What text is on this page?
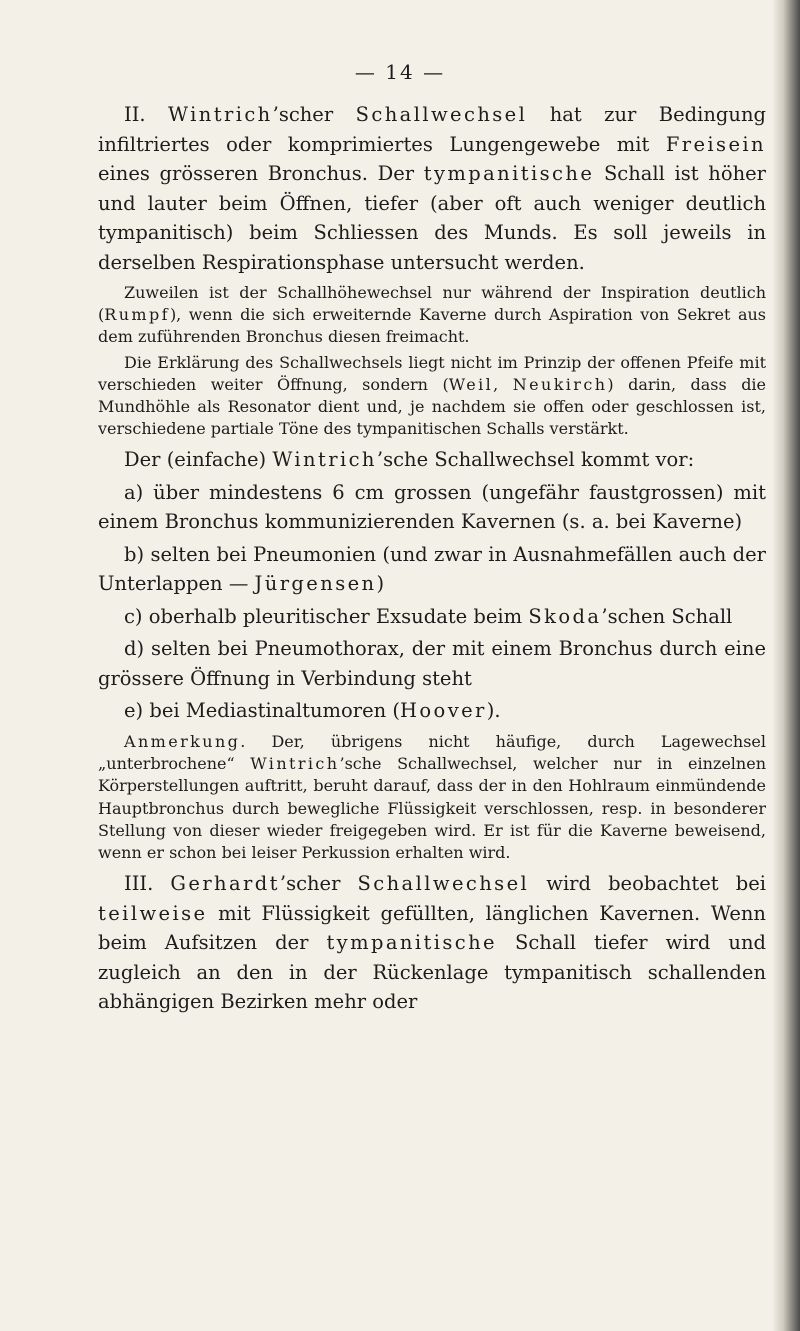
— 14 —

II. Wintrich’scher Schallwechsel hat zur Bedingung infiltriertes oder komprimiertes Lungengewebe mit Freisein eines grösseren Bronchus. Der tympanitische Schall ist höher und lauter beim Öffnen, tiefer (aber oft auch weniger deutlich tympanitisch) beim Schliessen des Munds. Es soll jeweils in derselben Respirationsphase untersucht werden.

Zuweilen ist der Schallhöhewechsel nur während der Inspiration deutlich (Rumpf), wenn die sich erweiternde Kaverne durch Aspiration von Sekret aus dem zuführenden Bronchus diesen freimacht.

Die Erklärung des Schallwechsels liegt nicht im Prinzip der offenen Pfeife mit verschieden weiter Öffnung, sondern (Weil, Neukirch) darin, dass die Mundhöhle als Resonator dient und, je nachdem sie offen oder geschlossen ist, verschiedene partiale Töne des tympanitischen Schalls verstärkt.

Der (einfache) Wintrich’sche Schallwechsel kommt vor:

a) über mindestens 6 cm grossen (ungefähr faustgrossen) mit einem Bronchus kommunizierenden Kavernen (s. a. bei Kaverne)

b) selten bei Pneumonien (und zwar in Ausnahmefällen auch der Unterlappen — Jürgensen)

c) oberhalb pleuritischer Exsudate beim Skoda’schen Schall

d) selten bei Pneumothorax, der mit einem Bronchus durch eine grössere Öffnung in Verbindung steht

e) bei Mediastinaltumoren (Hoover).

Anmerkung. Der, übrigens nicht häufige, durch Lagewechsel „unterbrochene“ Wintrich’sche Schallwechsel, welcher nur in einzelnen Körperstellungen auftritt, beruht darauf, dass der in den Hohlraum einmündende Hauptbronchus durch bewegliche Flüssigkeit verschlossen, resp. in besonderer Stellung von dieser wieder freigegeben wird. Er ist für die Kaverne beweisend, wenn er schon bei leiser Perkussion erhalten wird.

III. Gerhardt’scher Schallwechsel wird beobachtet bei teilweise mit Flüssigkeit gefüllten, länglichen Kavernen. Wenn beim Aufsitzen der tympanitische Schall tiefer wird und zugleich an den in der Rückenlage tympanitisch schallenden abhängigen Bezirken mehr oder
